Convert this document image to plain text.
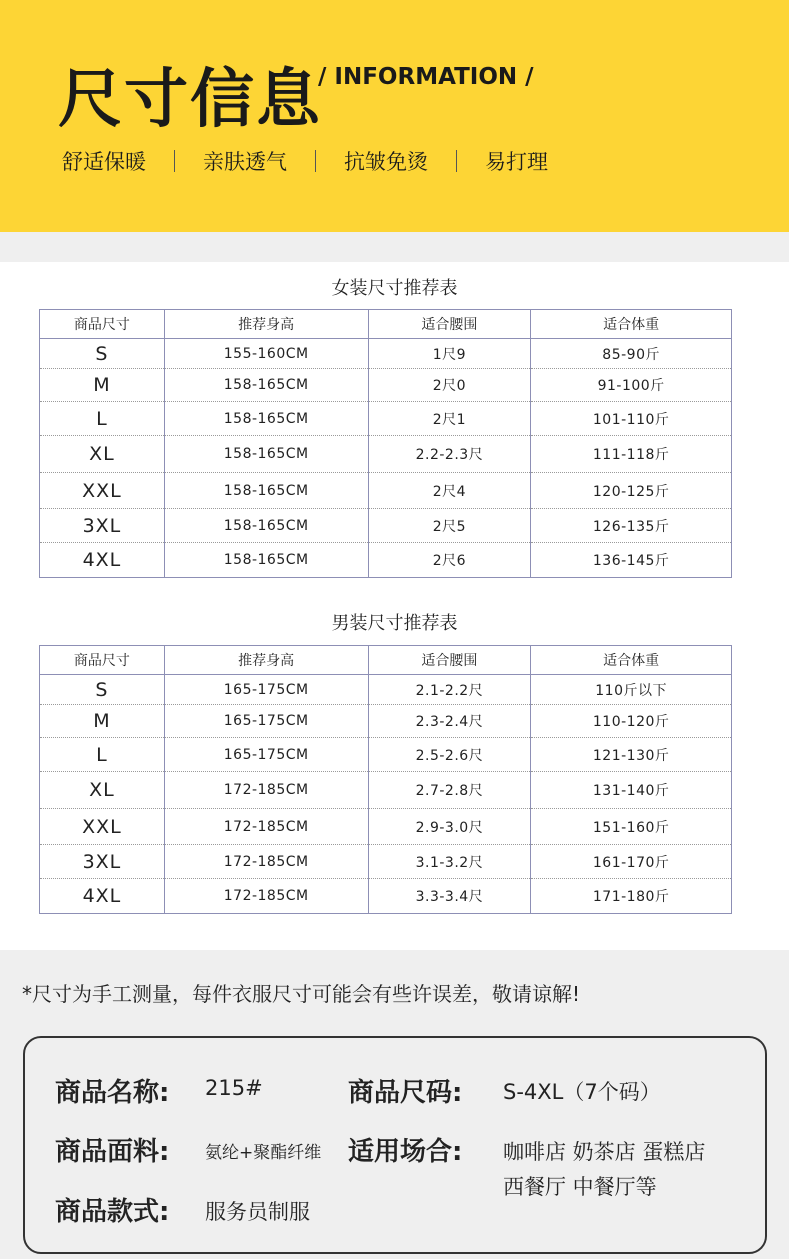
尺寸信息
/ INFORMATION /
舒适保暖	亲肤透气	抗皱免烫	易打理
女装尺寸推荐表
商品尺寸	推荐身高	适合腰围	适合体重
S	155-160CM	1尺9	85-90斤
M	158-165CM	2尺0	91-100斤
L	158-165CM	2尺1	101-110斤
XL	158-165CM	2.2-2.3尺	111-118斤
XXL	158-165CM	2尺4	120-125斤
3XL	158-165CM	2尺5	126-135斤
4XL	158-165CM	2尺6	136-145斤
男装尺寸推荐表
商品尺寸	推荐身高	适合腰围	适合体重
S	165-175CM	2.1-2.2尺	110斤以下
M	165-175CM	2.3-2.4尺	110-120斤
L	165-175CM	2.5-2.6尺	121-130斤
XL	172-185CM	2.7-2.8尺	131-140斤
XXL	172-185CM	2.9-3.0尺	151-160斤
3XL	172-185CM	3.1-3.2尺	161-170斤
4XL	172-185CM	3.3-3.4尺	171-180斤
*尺寸为手工测量，每件衣服尺寸可能会有些许误差，敬请谅解!
商品名称: 215#	商品尺码: S-4XL（7个码）
商品面料: 氨纶+聚酯纤维 适用场合: 咖啡店 奶茶店 蛋糕店
西餐厅 中餐厅等
商品款式: 服务员制服
